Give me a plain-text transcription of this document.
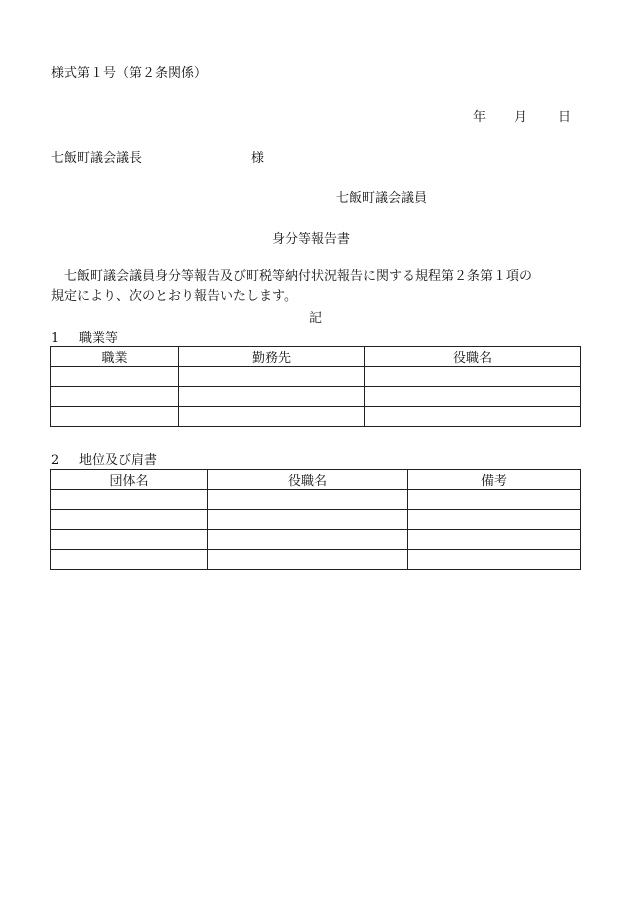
様式第１号（第２条関係）
年 月 日
七飯町議会議長	様
七飯町議会議員
身分等報告書

　七飯町議会議員身分等報告及び町税等納付状況報告に関する規程第２条第１項の

規定により、次のとおり報告いたします。

記
1 職業等
職業	勤務先	役職名

2 地位及び肩書
団体名	役職名	備考
